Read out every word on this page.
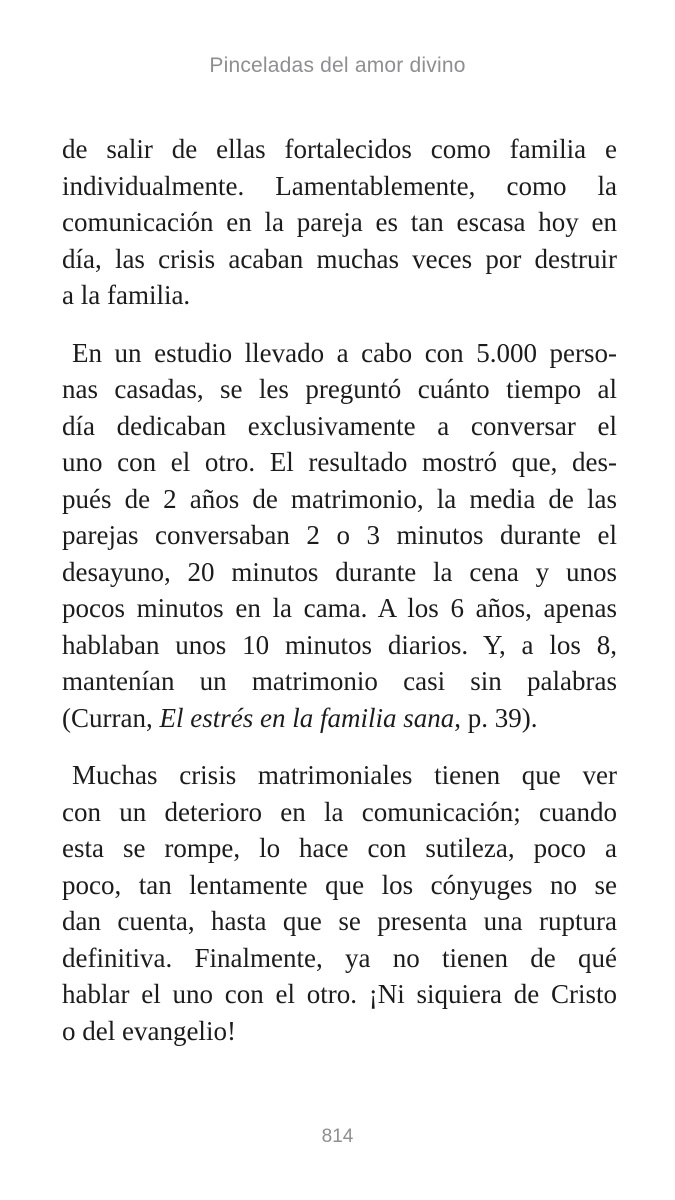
Pinceladas del amor divino
de salir de ellas fortalecidos como familia e
individualmente. Lamentablemente, como la
comunicación en la pareja es tan escasa hoy en
día, las crisis acaban muchas veces por destruir
a la familia.
En un estudio llevado a cabo con 5.000 perso-
nas casadas, se les preguntó cuánto tiempo al
día dedicaban exclusivamente a conversar el
uno con el otro. El resultado mostró que, des-
pués de 2 años de matrimonio, la media de las
parejas conversaban 2 o 3 minutos durante el
desayuno, 20 minutos durante la cena y unos
pocos minutos en la cama. A los 6 años, apenas
hablaban unos 10 minutos diarios. Y, a los 8,
mantenían un matrimonio casi sin palabras
(Curran, El estrés en la familia sana, p. 39).
Muchas crisis matrimoniales tienen que ver
con un deterioro en la comunicación; cuando
esta se rompe, lo hace con sutileza, poco a
poco, tan lentamente que los cónyuges no se
dan cuenta, hasta que se presenta una ruptura
definitiva. Finalmente, ya no tienen de qué
hablar el uno con el otro. ¡Ni siquiera de Cristo
o del evangelio!
814
